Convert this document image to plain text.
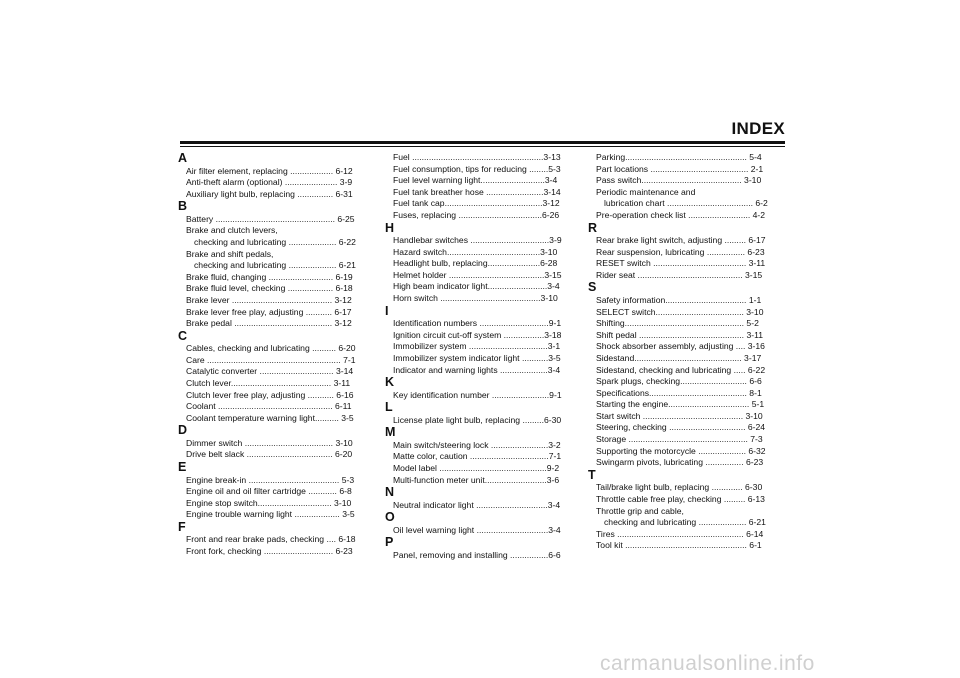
INDEX
A
Air filter element, replacing .................. 6-12
Anti-theft alarm (optional) ...................... 3-9
Auxiliary light bulb, replacing ............... 6-31
B
Battery .................................................. 6-25
Brake and clutch levers,
checking and lubricating .................... 6-22
Brake and shift pedals,
checking and lubricating .................... 6-21
Brake fluid, changing ........................... 6-19
Brake fluid level, checking ................... 6-18
Brake lever .......................................... 3-12
Brake lever free play, adjusting ........... 6-17
Brake pedal ......................................... 3-12
C
Cables, checking and lubricating .......... 6-20
Care ........................................................ 7-1
Catalytic converter ............................... 3-14
Clutch lever.......................................... 3-11
Clutch lever free play, adjusting ........... 6-16
Coolant ................................................ 6-11
Coolant temperature warning light.......... 3-5
D
Dimmer switch ..................................... 3-10
Drive belt slack .................................... 6-20
E
Engine break-in ...................................... 5-3
Engine oil and oil filter cartridge ............ 6-8
Engine stop switch............................... 3-10
Engine trouble warning light ................... 3-5
F
Front and rear brake pads, checking .... 6-18
Front fork, checking ............................. 6-23
Fuel .......................................................3-13
Fuel consumption, tips for reducing ........5-3
Fuel level warning light...........................3-4
Fuel tank breather hose ........................3-14
Fuel tank cap.........................................3-12
Fuses, replacing ...................................6-26
H
Handlebar switches .................................3-9
Hazard switch.......................................3-10
Headlight bulb, replacing......................6-28
Helmet holder ........................................3-15
High beam indicator light.........................3-4
Horn switch ..........................................3-10
I
Identification numbers .............................9-1
Ignition circuit cut-off system .................3-18
Immobilizer system .................................3-1
Immobilizer system indicator light ...........3-5
Indicator and warning lights ....................3-4
K
Key identification number ........................9-1
L
License plate light bulb, replacing .........6-30
M
Main switch/steering lock ........................3-2
Matte color, caution .................................7-1
Model label .............................................9-2
Multi-function meter unit..........................3-6
N
Neutral indicator light ..............................3-4
O
Oil level warning light ..............................3-4
P
Panel, removing and installing ................6-6
Parking................................................... 5-4
Part locations ......................................... 2-1
Pass switch.......................................... 3-10
Periodic maintenance and
lubrication chart .................................... 6-2
Pre-operation check list .......................... 4-2
R
Rear brake light switch, adjusting ......... 6-17
Rear suspension, lubricating ................ 6-23
RESET switch ....................................... 3-11
Rider seat ............................................ 3-15
S
Safety information.................................. 1-1
SELECT switch..................................... 3-10
Shifting.................................................. 5-2
Shift pedal ............................................ 3-11
Shock absorber assembly, adjusting .... 3-16
Sidestand............................................. 3-17
Sidestand, checking and lubricating ..... 6-22
Spark plugs, checking............................ 6-6
Specifications......................................... 8-1
Starting the engine.................................. 5-1
Start switch .......................................... 3-10
Steering, checking ................................ 6-24
Storage .................................................. 7-3
Supporting the motorcycle .................... 6-32
Swingarm pivots, lubricating ................ 6-23
T
Tail/brake light bulb, replacing ............. 6-30
Throttle cable free play, checking ......... 6-13
Throttle grip and cable,
checking and lubricating .................... 6-21
Tires ..................................................... 6-14
Tool kit ................................................... 6-1
carmanualsonline.info
